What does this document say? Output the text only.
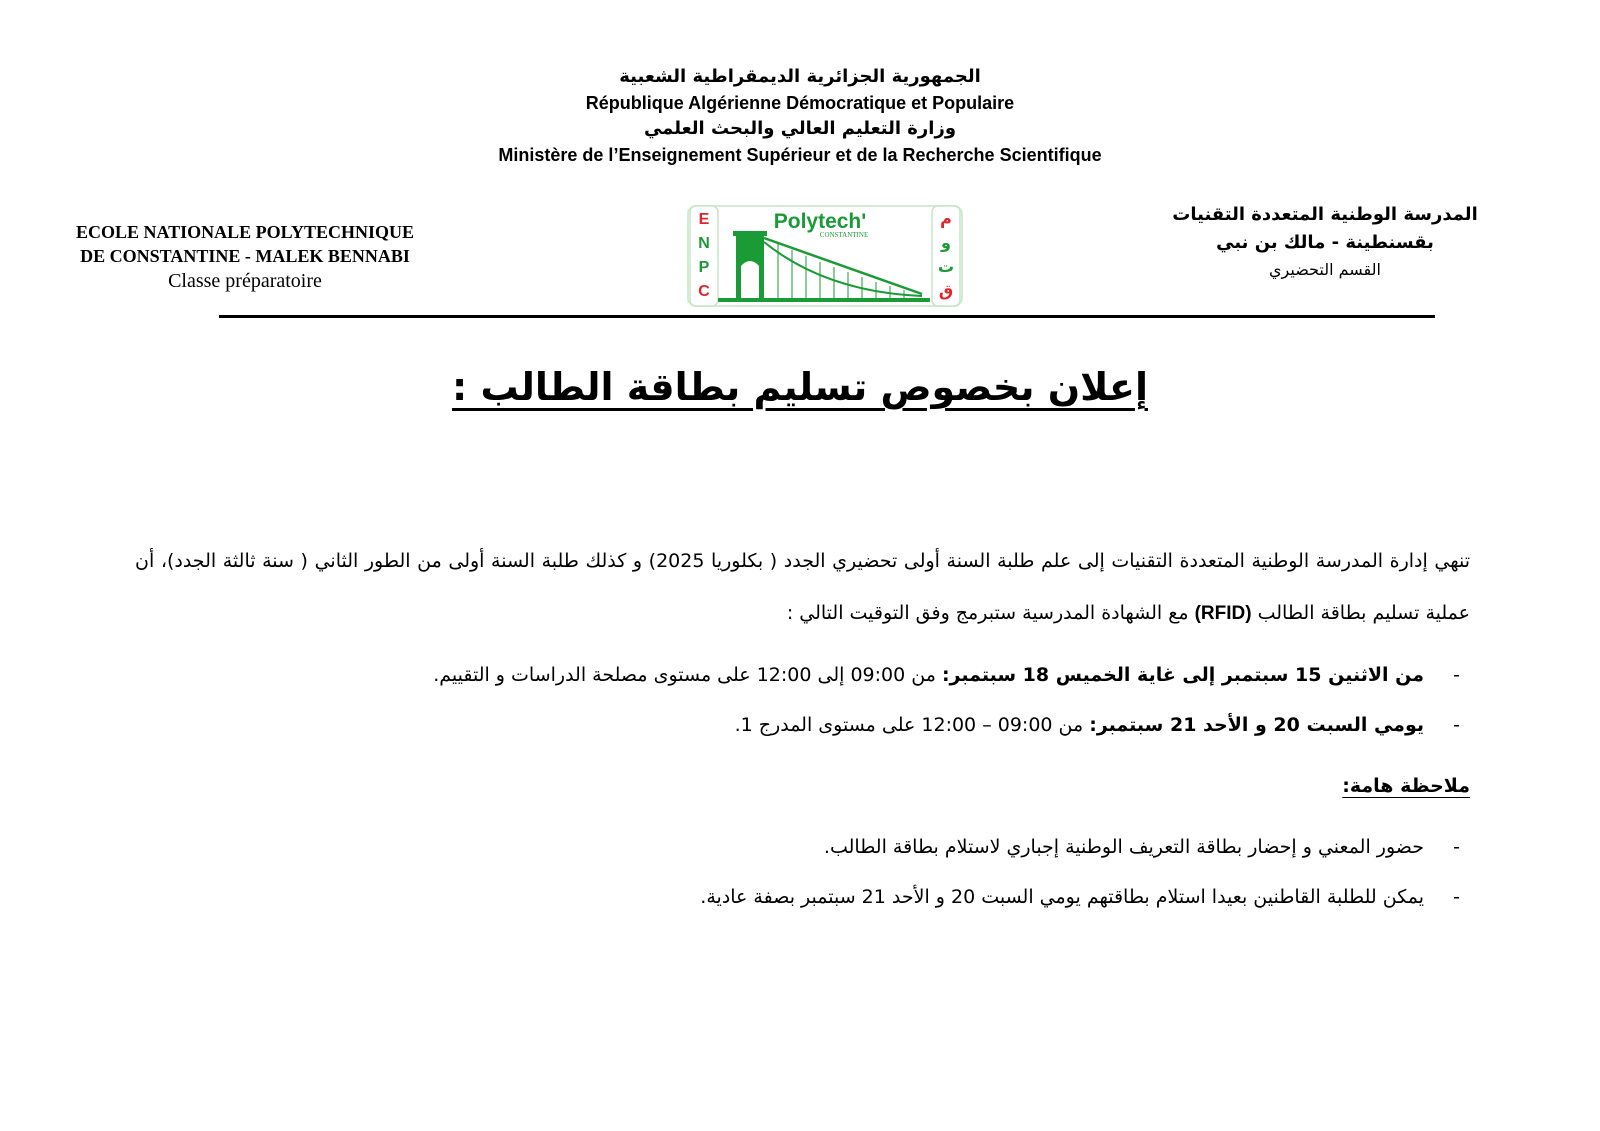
الجمهورية الجزائرية الديمقراطية الشعبية
République Algérienne Démocratique et Populaire
وزارة التعليم العالي والبحث العلمي
Ministère de l’Enseignement Supérieur et de la Recherche Scientifique
ECOLE NATIONALE POLYTECHNIQUE
DE CONSTANTINE - MALEK BENNABI
Classe préparatoire
المدرسة الوطنية المتعددة التقنيات
بقسنطينة - مالك بن نبي
القسم التحضيري
E
N
P
C
م
و
ت
ق
Polytech'
CONSTANTINE
إعلان بخصوص تسليم بطاقة الطالب :
تنهي إدارة المدرسة الوطنية المتعددة التقنيات إلى علم طلبة السنة أولى تحضيري الجدد ( بكلوريا 2025) و كذلك طلبة السنة أولى من الطور الثاني ( سنة ثالثة الجدد)، أن عملية تسليم بطاقة الطالب (RFID) مع الشهادة المدرسية ستبرمج وفق التوقيت التالي :
-
من الاثنين 15 سبتمبر إلى غاية الخميس 18 سبتمبر: من 09:00 إلى 12:00 على مستوى مصلحة الدراسات و التقييم.
-
يومي السبت 20 و الأحد 21 سبتمبر: من 09:00 – 12:00 على مستوى المدرج 1.
ملاحظة هامة:
-
حضور المعني و إحضار بطاقة التعريف الوطنية إجباري لاستلام بطاقة الطالب.
-
يمكن للطلبة القاطنين بعيدا استلام بطاقتهم يومي السبت 20 و الأحد 21 سبتمبر بصفة عادية.
